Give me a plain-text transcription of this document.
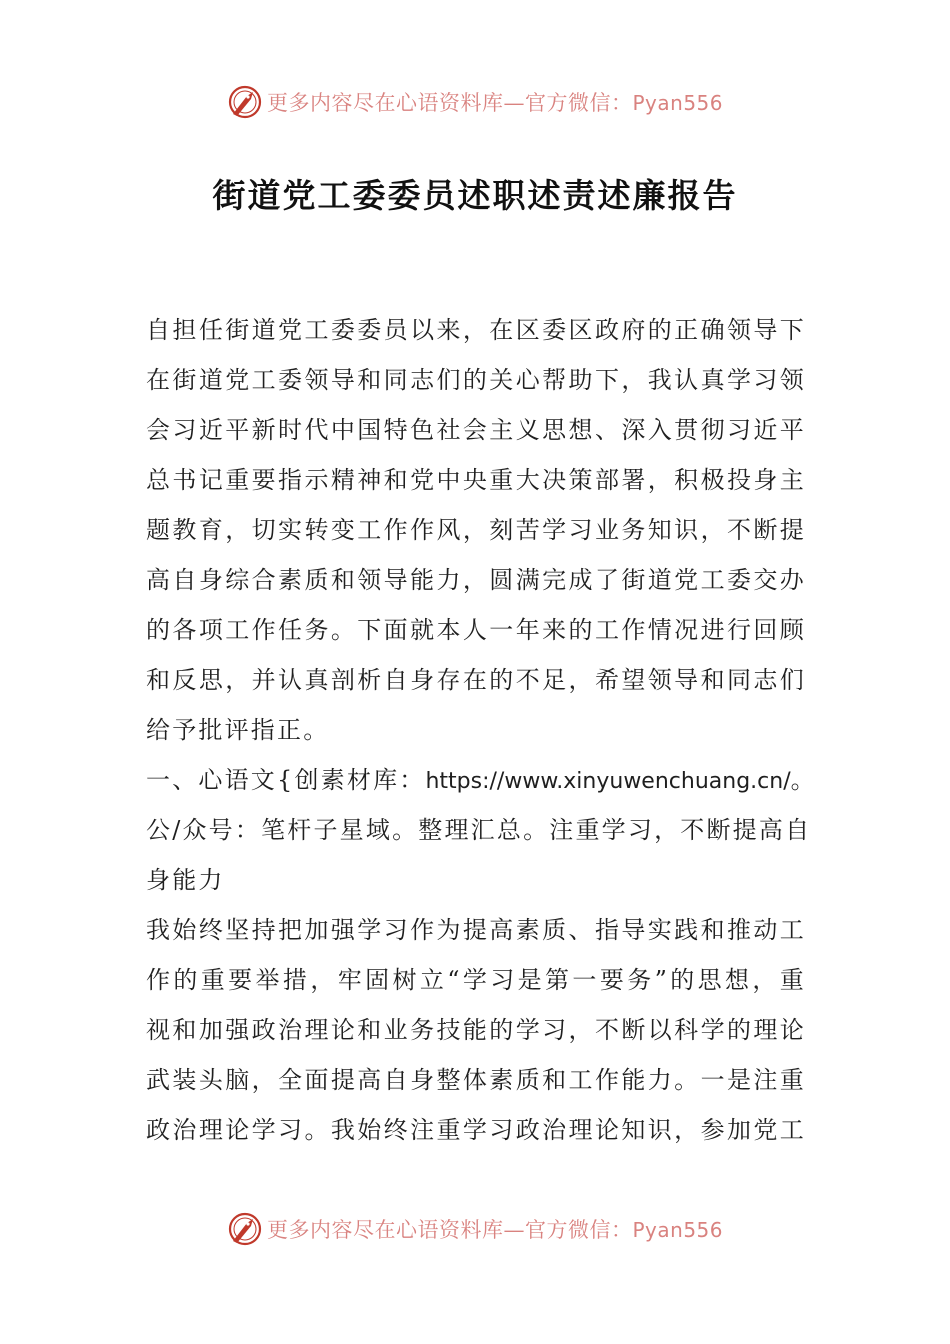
更多内容尽在心语资料库—官方微信：Pyan556
街道党工委委员述职述责述廉报告
自担任街道党工委委员以来，在区委区政府的正确领导下
在街道党工委领导和同志们的关心帮助下，我认真学习领
会习近平新时代中国特色社会主义思想、深入贯彻习近平
总书记重要指示精神和党中央重大决策部署，积极投身主
题教育，切实转变工作作风，刻苦学习业务知识，不断提
高自身综合素质和领导能力，圆满完成了街道党工委交办
的各项工作任务。下面就本人一年来的工作情况进行回顾
和反思，并认真剖析自身存在的不足，希望领导和同志们
给予批评指正。
一、心语文{创素材库：https://www.xinyuwenchuang.cn/。
公/众号：笔杆子星域。整理汇总。注重学习，不断提高自
身能力
我始终坚持把加强学习作为提高素质、指导实践和推动工
作的重要举措，牢固树立“学习是第一要务”的思想，重
视和加强政治理论和业务技能的学习，不断以科学的理论
武装头脑，全面提高自身整体素质和工作能力。一是注重
政治理论学习。我始终注重学习政治理论知识，参加党工
更多内容尽在心语资料库—官方微信：Pyan556
